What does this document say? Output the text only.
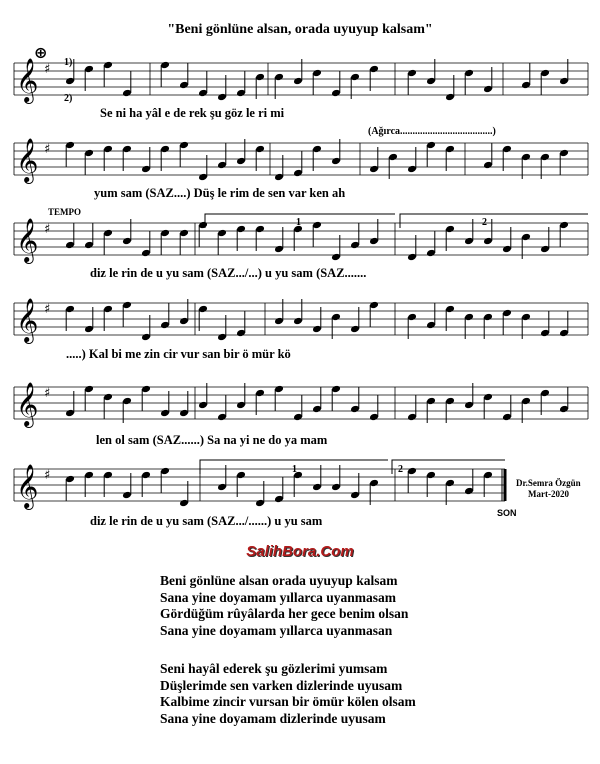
"Beni gönlüne alsan, orada uyuyup kalsam"
𝄞 ♯
𝄞 ♯
𝄞 ♯
𝄞 ♯
𝄞 ♯
𝄞 ♯
⊕
Se ni ha yâl e de rek şu göz le ri mi
yum sam (SAZ....) Düş le rim de sen var ken ah
diz le rin de u yu sam (SAZ.../...) u yu sam (SAZ.......
.....) Kal bi me zin cir vur san bir ö mür kö
len ol sam (SAZ......) Sa na yi ne do ya mam
diz le rin de u yu sam (SAZ.../......) u yu sam
1)
2)
(Ağırca.....................................)
TEMPO
1	2
1	2
SON
Dr.Semra Özgün
Mart-2020
SalihBora.Com
Beni gönlüne alsan orada uyuyup kalsam
Sana yine doyamam yıllarca uyanmasam
Gördüğüm rûyâlarda her gece benim olsan
Sana yine doyamam yıllarca uyanmasan
Seni hayâl ederek şu gözlerimi yumsam
Düşlerimde sen varken dizlerinde uyusam
Kalbime zincir vursan bir ömür kölen olsam
Sana yine doyamam dizlerinde uyusam
